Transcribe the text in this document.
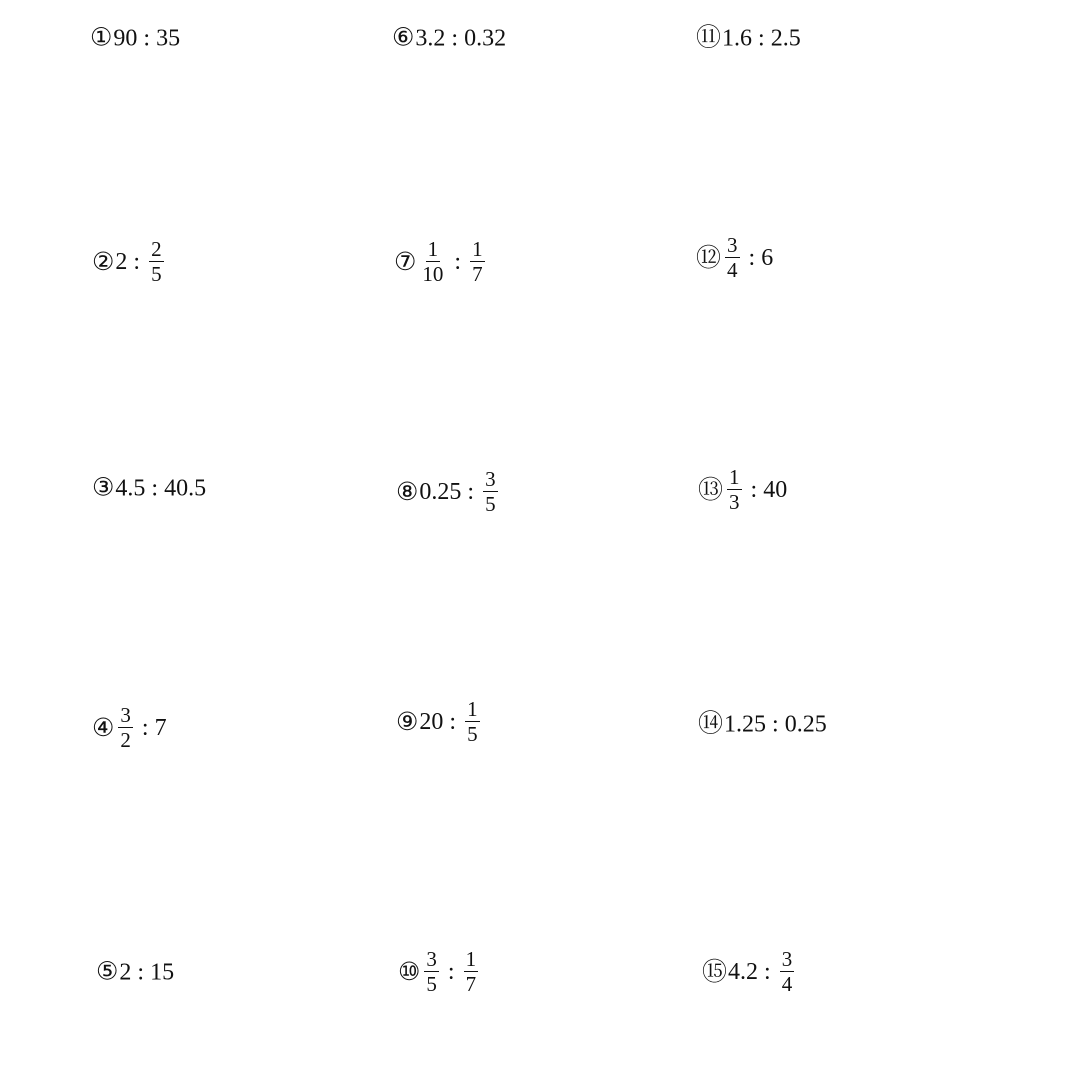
① 90 : 35
② 2 : $\frac{2}{5}$
③ 4.5 : 40.5
④ $\frac{3}{2}$ : 7
⑤ 2 : 15
⑥ 3.2 : 0.32
⑦ $\frac{1}{10}$ : $\frac{1}{7}$
⑧ 0.25 : $\frac{3}{5}$
⑨ 20 : $\frac{1}{5}$
⑩ $\frac{3}{5}$ : $\frac{1}{7}$
⑪ 1.6 : 2.5
⑫ $\frac{3}{4}$ : 6
⑬ $\frac{1}{3}$ : 40
⑭ 1.25 : 0.25
⑮ 4.2 : $\frac{3}{4}$
